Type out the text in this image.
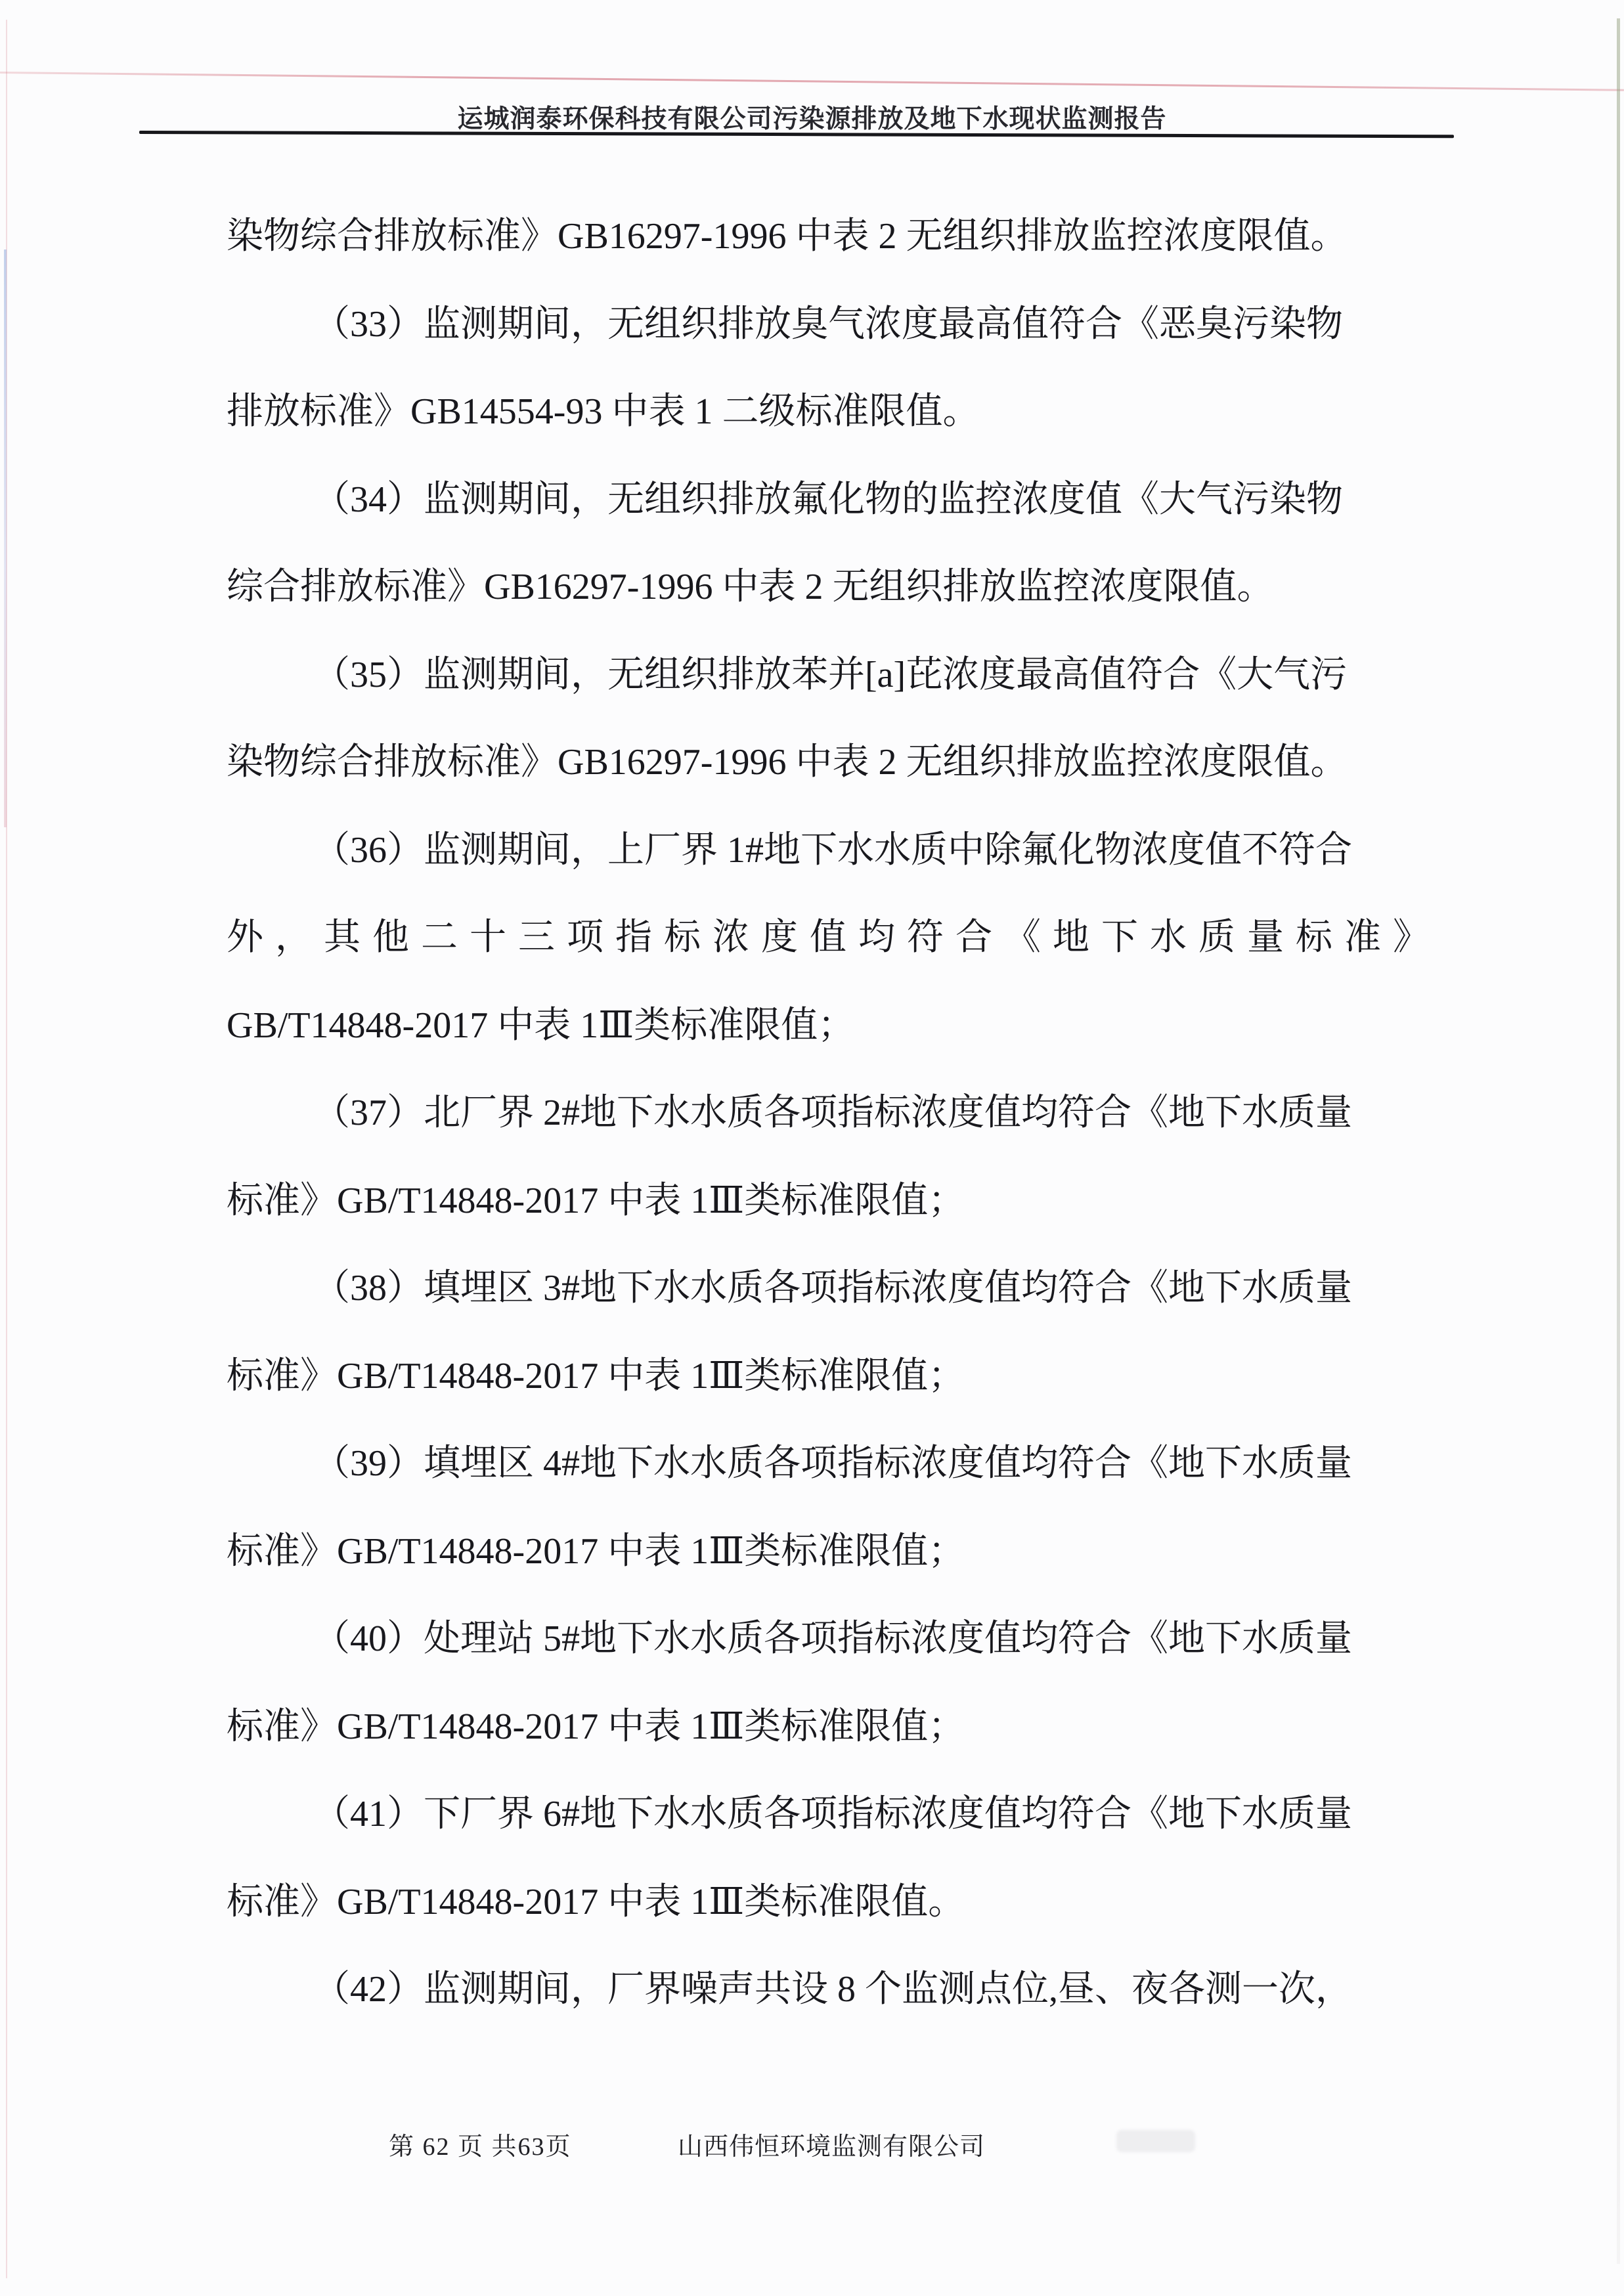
运城润泰环保科技有限公司污染源排放及地下水现状监测报告
染物综合排放标准》GB16297-1996 中表 2 无组织排放监控浓度限值。
（33）监测期间，无组织排放臭气浓度最高值符合《恶臭污染物
排放标准》GB14554-93 中表 1 二级标准限值。
（34）监测期间，无组织排放氟化物的监控浓度值《大气污染物
综合排放标准》GB16297-1996 中表 2 无组织排放监控浓度限值。
（35）监测期间，无组织排放苯并[a]芘浓度最高值符合《大气污
染物综合排放标准》GB16297-1996 中表 2 无组织排放监控浓度限值。
（36）监测期间，上厂界 1#地下水水质中除氟化物浓度值不符合
外，其他二十三项指标浓度值均符合《地下水质量标准》
GB/T14848-2017 中表 1Ⅲ类标准限值；
（37）北厂界 2#地下水水质各项指标浓度值均符合《地下水质量
标准》GB/T14848-2017 中表 1Ⅲ类标准限值；
（38）填埋区 3#地下水水质各项指标浓度值均符合《地下水质量
标准》GB/T14848-2017 中表 1Ⅲ类标准限值；
（39）填埋区 4#地下水水质各项指标浓度值均符合《地下水质量
标准》GB/T14848-2017 中表 1Ⅲ类标准限值；
（40）处理站 5#地下水水质各项指标浓度值均符合《地下水质量
标准》GB/T14848-2017 中表 1Ⅲ类标准限值；
（41）下厂界 6#地下水水质各项指标浓度值均符合《地下水质量
标准》GB/T14848-2017 中表 1Ⅲ类标准限值。
（42）监测期间，厂界噪声共设 8 个监测点位,昼、夜各测一次，
第 62 页 共63页	山西伟恒环境监测有限公司
